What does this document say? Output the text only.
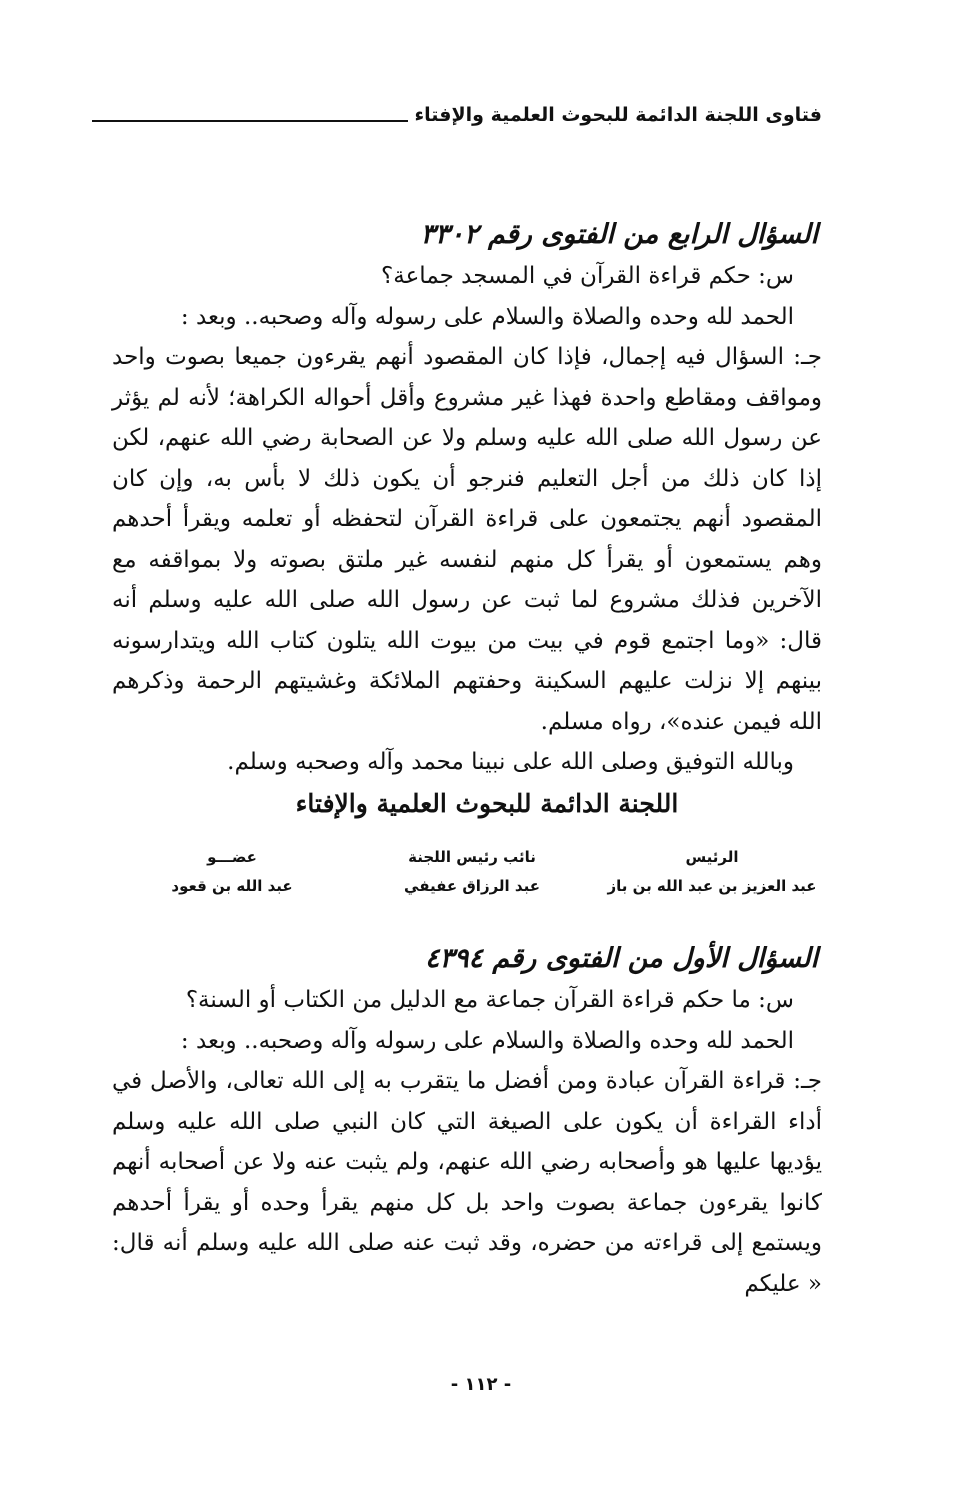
فتاوى اللجنة الدائمة للبحوث العلمية والإفتاء

السؤال الرابع من الفتوى رقم ٣٣٠٢

س: حكم قراءة القرآن في المسجد جماعة؟

الحمد لله وحده والصلاة والسلام على رسوله وآله وصحبه.. وبعد :

جـ: السؤال فيه إجمال، فإذا كان المقصود أنهم يقرءون جميعا بصوت واحد ومواقف ومقاطع واحدة فهذا غير مشروع وأقل أحواله الكراهة؛ لأنه لم يؤثر عن رسول الله صلى الله عليه وسلم ولا عن الصحابة رضي الله عنهم، لكن إذا كان ذلك من أجل التعليم فنرجو أن يكون ذلك لا بأس به، وإن كان المقصود أنهم يجتمعون على قراءة القرآن لتحفظه أو تعلمه ويقرأ أحدهم وهم يستمعون أو يقرأ كل منهم لنفسه غير ملتق بصوته ولا بمواقفه مع الآخرين فذلك مشروع لما ثبت عن رسول الله صلى الله عليه وسلم أنه قال: «وما اجتمع قوم في بيت من بيوت الله يتلون كتاب الله ويتدارسونه بينهم إلا نزلت عليهم السكينة وحفتهم الملائكة وغشيتهم الرحمة وذكرهم الله فيمن عنده»، رواه مسلم.

وبالله التوفيق وصلى الله على نبينا محمد وآله وصحبه وسلم.

اللجنة الدائمة للبحوث العلمية والإفتاء

الرئيس
عبد العزيز بن عبد الله بن باز
نائب رئيس اللجنة
عبد الرزاق عفيفي
عضـــو
عبد الله بن قعود

السؤال الأول من الفتوى رقم ٤٣٩٤

س: ما حكم قراءة القرآن جماعة مع الدليل من الكتاب أو السنة؟

الحمد لله وحده والصلاة والسلام على رسوله وآله وصحبه.. وبعد :

جـ: قراءة القرآن عبادة ومن أفضل ما يتقرب به إلى الله تعالى، والأصل في أداء القراءة أن يكون على الصيغة التي كان النبي صلى الله عليه وسلم يؤديها عليها هو وأصحابه رضي الله عنهم، ولم يثبت عنه ولا عن أصحابه أنهم كانوا يقرءون جماعة بصوت واحد بل كل منهم يقرأ وحده أو يقرأ أحدهم ويستمع إلى قراءته من حضره، وقد ثبت عنه صلى الله عليه وسلم أنه قال: « عليكم

- ١١٢ -
